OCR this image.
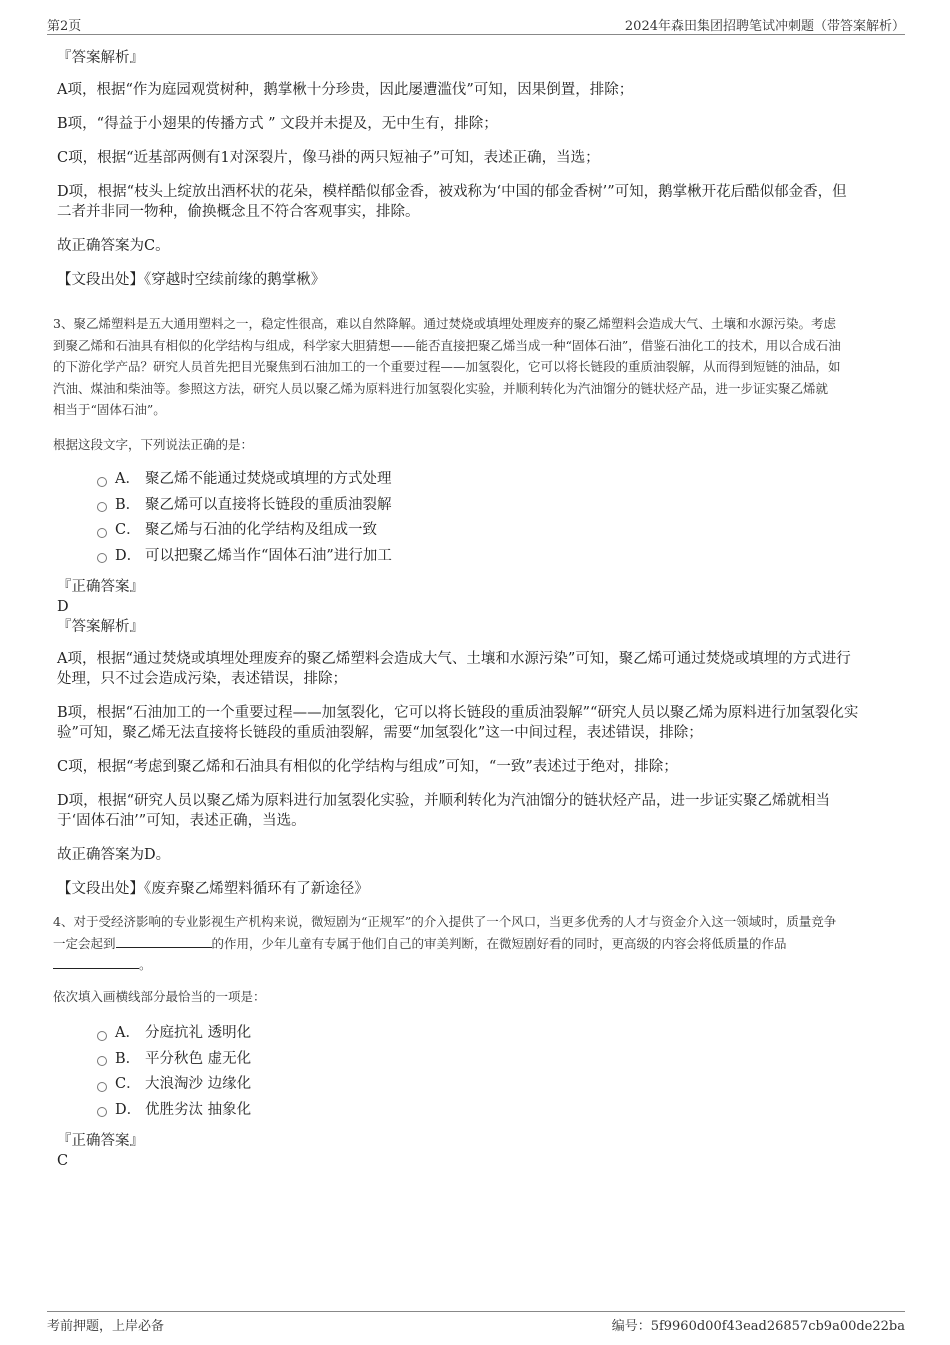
第2页	2024年森田集团招聘笔试冲刺题（带答案解析）

『答案解析』

A项，根据“作为庭园观赏树种，鹅掌楸十分珍贵，因此屡遭滥伐”可知，因果倒置，排除；

B项，“得益于小翅果的传播方式 ” 文段并未提及，无中生有，排除；

C项，根据“近基部两侧有1对深裂片，像马褂的两只短袖子”可知，表述正确，当选；

D项，根据“枝头上绽放出酒杯状的花朵，模样酷似郁金香，被戏称为‘中国的郁金香树’”可知，鹅掌楸开花后酷似郁金香，但
二者并非同一物种，偷换概念且不符合客观事实，排除。

故正确答案为C。

【文段出处】《穿越时空续前缘的鹅掌楸》

3、聚乙烯塑料是五大通用塑料之一，稳定性很高，难以自然降解。通过焚烧或填埋处理废弃的聚乙烯塑料会造成大气、土壤和水源污染。考虑
到聚乙烯和石油具有相似的化学结构与组成，科学家大胆猜想——能否直接把聚乙烯当成一种“固体石油”，借鉴石油化工的技术，用以合成石油
的下游化学产品？研究人员首先把目光聚焦到石油加工的一个重要过程——加氢裂化，它可以将长链段的重质油裂解，从而得到短链的油品，如
汽油、煤油和柴油等。参照这方法，研究人员以聚乙烯为原料进行加氢裂化实验，并顺利转化为汽油馏分的链状烃产品，进一步证实聚乙烯就
相当于“固体石油”。

根据这段文字，下列说法正确的是：

A． 聚乙烯不能通过焚烧或填埋的方式处理
B． 聚乙烯可以直接将长链段的重质油裂解
C． 聚乙烯与石油的化学结构及组成一致
D． 可以把聚乙烯当作“固体石油”进行加工

『正确答案』

D

『答案解析』

A项，根据“通过焚烧或填埋处理废弃的聚乙烯塑料会造成大气、土壤和水源污染”可知，聚乙烯可通过焚烧或填埋的方式进行
处理，只不过会造成污染，表述错误，排除；

B项，根据“石油加工的一个重要过程——加氢裂化，它可以将长链段的重质油裂解”“研究人员以聚乙烯为原料进行加氢裂化实
验”可知，聚乙烯无法直接将长链段的重质油裂解，需要“加氢裂化”这一中间过程，表述错误，排除；

C项，根据“考虑到聚乙烯和石油具有相似的化学结构与组成”可知，“一致”表述过于绝对，排除；

D项，根据“研究人员以聚乙烯为原料进行加氢裂化实验，并顺利转化为汽油馏分的链状烃产品，进一步证实聚乙烯就相当
于‘固体石油’”可知，表述正确，当选。

故正确答案为D。

【文段出处】《废弃聚乙烯塑料循环有了新途径》

4、对于受经济影响的专业影视生产机构来说，微短剧为“正规军”的介入提供了一个风口，当更多优秀的人才与资金介入这一领域时，质量竞争
一定会起到	的作用，少年儿童有专属于他们自己的审美判断，在微短剧好看的同时，更高级的内容会将低质量的作品
。

依次填入画横线部分最恰当的一项是：

A． 分庭抗礼 透明化
B． 平分秋色 虚无化
C． 大浪淘沙 边缘化
D． 优胜劣汰 抽象化

『正确答案』

C

考前押题，上岸必备	编号：5f9960d00f43ead26857cb9a00de22ba
